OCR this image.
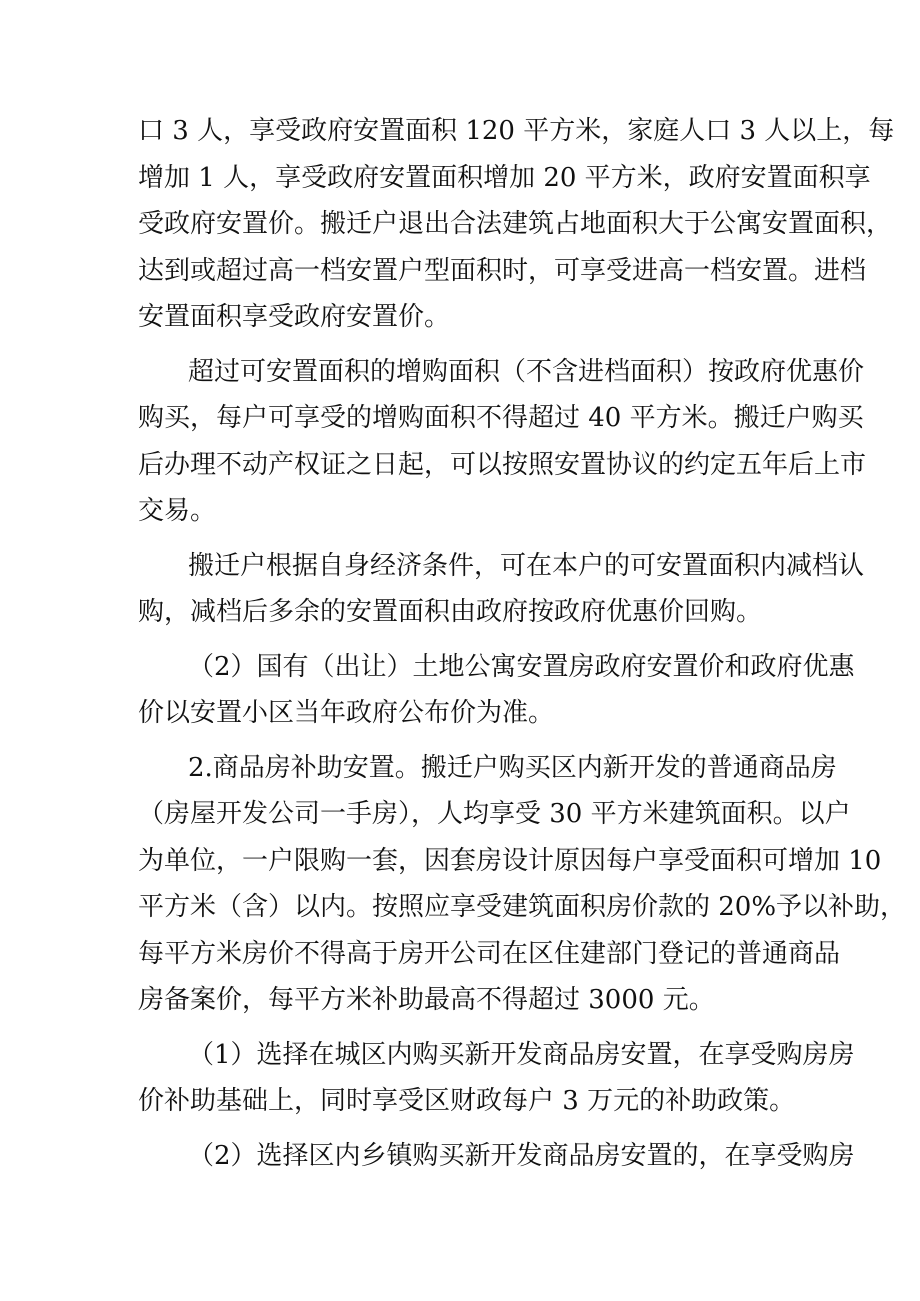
口 3 人，享受政府安置面积 120 平方米，家庭人口 3 人以上，每

增加 1 人，享受政府安置面积增加 20 平方米，政府安置面积享

受政府安置价。搬迁户退出合法建筑占地面积大于公寓安置面积，

达到或超过高一档安置户型面积时，可享受进高一档安置。进档

安置面积享受政府安置价。

超过可安置面积的增购面积（不含进档面积）按政府优惠价

购买，每户可享受的增购面积不得超过 40 平方米。搬迁户购买

后办理不动产权证之日起，可以按照安置协议的约定五年后上市

交易。

搬迁户根据自身经济条件，可在本户的可安置面积内减档认

购，减档后多余的安置面积由政府按政府优惠价回购。

（2）国有（出让）土地公寓安置房政府安置价和政府优惠

价以安置小区当年政府公布价为准。

2.商品房补助安置。搬迁户购买区内新开发的普通商品房

（房屋开发公司一手房），人均享受 30 平方米建筑面积。以户

为单位，一户限购一套，因套房设计原因每户享受面积可增加 10

平方米（含）以内。按照应享受建筑面积房价款的 20%予以补助，

每平方米房价不得高于房开公司在区住建部门登记的普通商品

房备案价，每平方米补助最高不得超过 3000 元。

（1）选择在城区内购买新开发商品房安置，在享受购房房

价补助基础上，同时享受区财政每户 3 万元的补助政策。

（2）选择区内乡镇购买新开发商品房安置的，在享受购房
